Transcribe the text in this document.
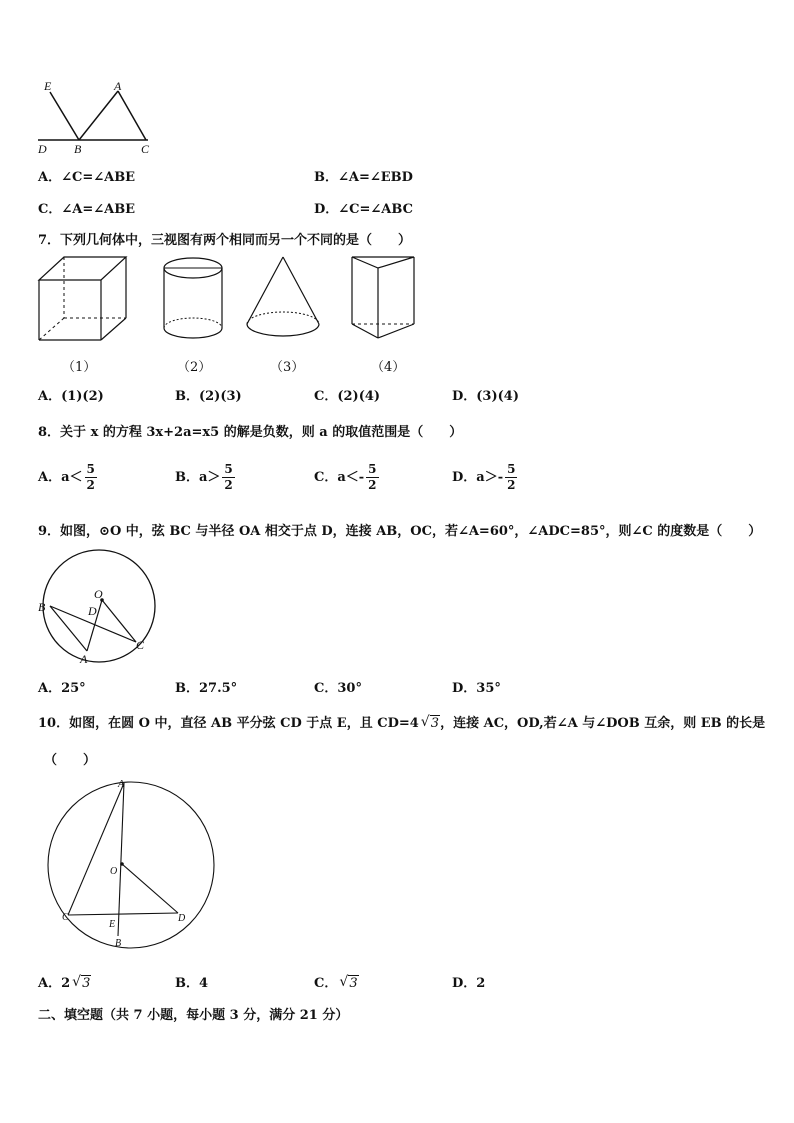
E	A
D B	C
A．∠C=∠ABE	B．∠A=∠EBD
C．∠A=∠ABE	D．∠C=∠ABC
7．下列几何体中，三视图有两个相同而另一个不同的是（　　）
（1）	（2）	（3）	（4）
A．(1)(2)	B．(2)(3)	C．(2)(4)	D．(3)(4)
8．关于 x 的方程 3x+2a=x5 的解是负数，则 a 的取值范围是（　　）
A．$a< \frac{5}{2}$	B．$a> \frac{5}{2}$	C．$a<- \frac{5}{2}$	D．$a>- \frac{5}{2}$
9．如图，⊙O 中，弦 BC 与半径 OA 相交于点 D，连接 AB，OC，若∠A=60°，∠ADC=85°，则∠C 的度数是（　　）
O
D
B
A
C
A．25°	B．27.5°	C．30°	D．35°
10．如图，在圆 O 中，直径 AB 平分弦 CD 于点 E，且 CD=4 √ 3，连接 AC，OD,若∠A 与∠DOB 互余，则 EB 的长是
（　　）
A
O
C
E
D
B
A．2 √ 3	B．4	C． √ 3	D．2
二、填空题（共 7 小题，每小题 3 分，满分 21 分）
